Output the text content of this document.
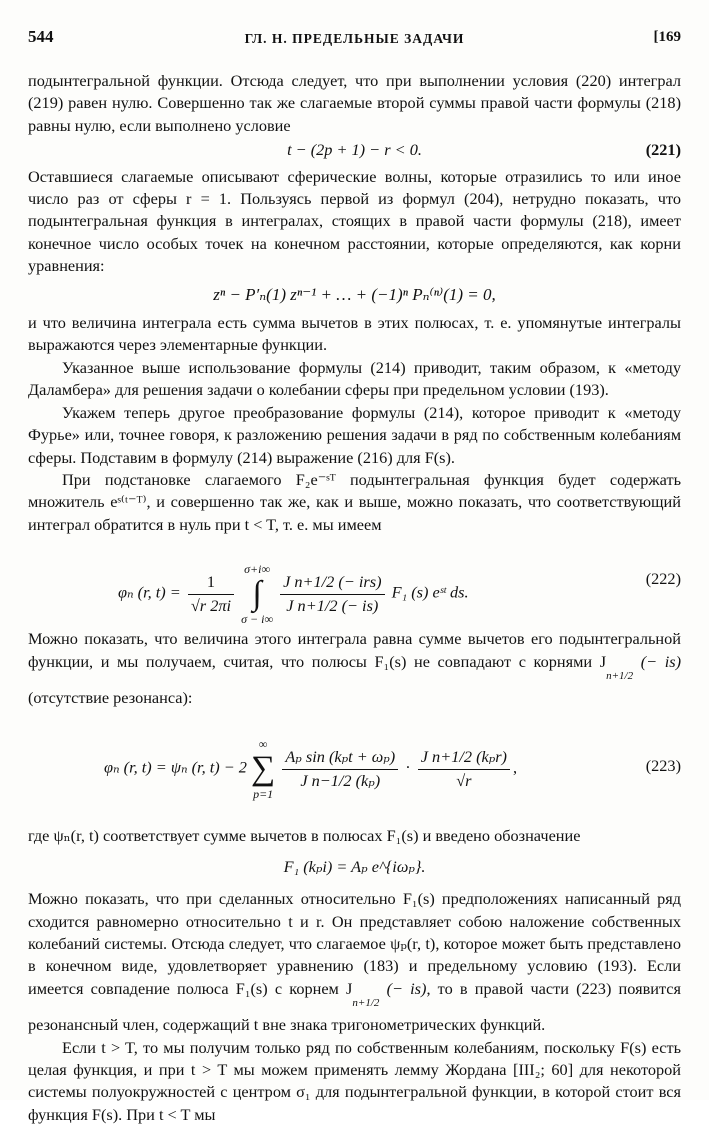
544	ГЛ. Н. ПРЕДЕЛЬНЫЕ ЗАДАЧИ	[169

подынтегральной функции. Отсюда следует, что при выполнении условия (220) интеграл (219) равен нулю. Совершенно так же слагаемые второй суммы правой части формулы (218) равны нулю, если выполнено условие

t − (2p + 1) − r < 0.	(221)

Оставшиеся слагаемые описывают сферические волны, которые отразились то или иное число раз от сферы r = 1. Пользуясь первой из формул (204), нетрудно показать, что подынтегральная функция в интегралах, стоящих в правой части формулы (218), имеет конечное число особых точек на конечном расстоянии, которые определяются, как корни уравнения:

zⁿ − P′ₙ(1) zⁿ⁻¹ + … + (−1)ⁿ Pₙ⁽ⁿ⁾(1) = 0,

и что величина интеграла есть сумма вычетов в этих полюсах, т. е. упомянутые интегралы выражаются через элементарные функции.

Указанное выше использование формулы (214) приводит, таким образом, к «методу Даламбера» для решения задачи о колебании сферы при предельном условии (193).

Укажем теперь другое преобразование формулы (214), которое приводит к «методу Фурье» или, точнее говоря, к разложению решения задачи в ряд по собственным колебаниям сферы. Подставим в формулу (214) выражение (216) для F(s).

При подстановке слагаемого F₂e⁻ˢᵀ подынтегральная функция будет содержать множитель eˢ⁽ᵗ⁻ᵀ⁾, и совершенно так же, как и выше, можно показать, что соответствующий интеграл обратится в нуль при t < T, т. е. мы имеем

φₙ (r, $t) = \frac{1}{√r 2\pi i}$
σ+i∞
∫
σ − i∞
$\frac{\text{J n+1/2 (− irs)}}{\text{J n+1/2 (− is)}} F_1$ (s) eˢᵗ ds.
(222)

Можно показать, что величина этого интеграла равна сумме вычетов его подынтегральной функции, и мы получаем, считая, что полюсы F₁(s) не совпадают с корнями $J_{n+1/2}$ (− is) (отсутствие резонанса):

φₙ (r, t) = ψₙ (r, t) − 2 ∞
∑
p=1
$\frac{\text{Aₚ sin (kₚt + ωₚ)}}{\text{J n−1/2 (kₚ)}} \cdot \frac{\text{J n+1/2 (kₚr)}}{√r}$ ,	(223)

где ψₙ(r, t) соответствует сумме вычетов в полюсах F₁(s) и введено обозначение

F₁ (kₚi) = Aₚ e^{iωₚ}.

Можно показать, что при сделанных относительно F₁(s) предположениях написанный ряд сходится равномерно относительно t и r. Он представляет собою наложение собственных колебаний системы. Отсюда следует, что слагаемое ψₚ(r, t), которое может быть представлено в конечном виде, удовлетворяет уравнению (183) и предельному условию (193). Если имеется совпадение полюса F₁(s) с корнем $J_{n+1/2}$ (− is), то в правой части (223) появится резонансный член, содержащий t вне знака тригонометрических функций.

Если t > T, то мы получим только ряд по собственным колебаниям, поскольку F(s) есть целая функция, и при t > T мы можем применять лемму Жордана [III₂; 60] для некоторой системы полуокружностей с центром σ₁ для подынтегральной функции, в которой стоит вся функция F(s). При t < T мы
